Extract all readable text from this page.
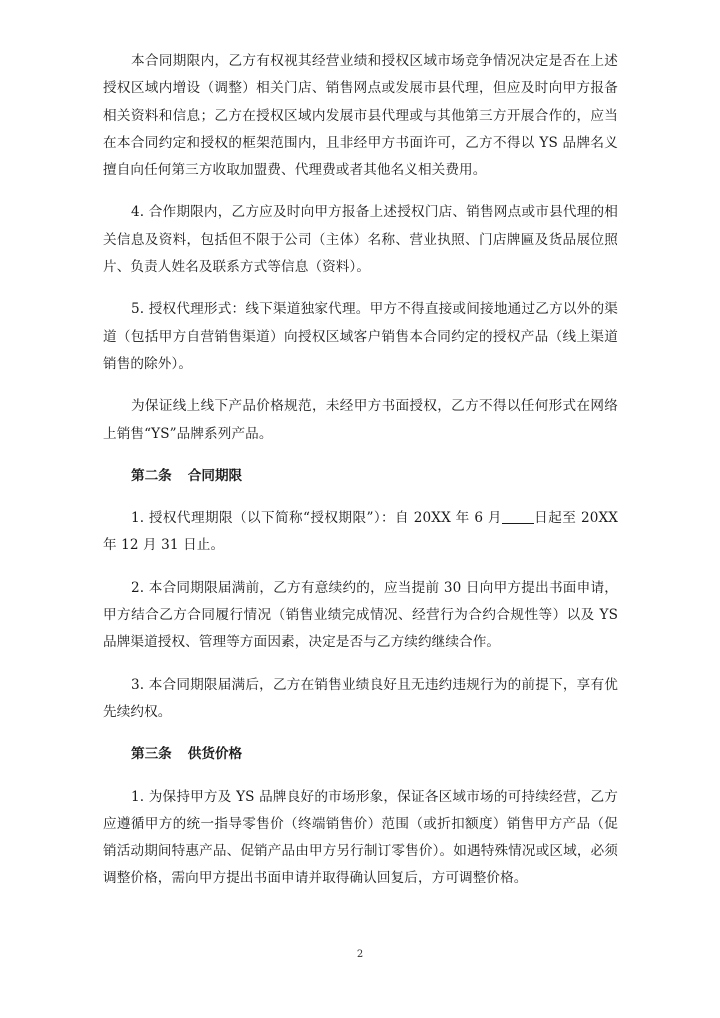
本合同期限内，乙方有权视其经营业绩和授权区域市场竞争情况决定是否在上述授权区域内增设（调整）相关门店、销售网点或发展市县代理，但应及时向甲方报备相关资料和信息；乙方在授权区域内发展市县代理或与其他第三方开展合作的，应当在本合同约定和授权的框架范围内，且非经甲方书面许可，乙方不得以 YS 品牌名义擅自向任何第三方收取加盟费、代理费或者其他名义相关费用。

4. 合作期限内，乙方应及时向甲方报备上述授权门店、销售网点或市县代理的相关信息及资料，包括但不限于公司（主体）名称、营业执照、门店牌匾及货品展位照片、负责人姓名及联系方式等信息（资料）。

5. 授权代理形式：线下渠道独家代理。甲方不得直接或间接地通过乙方以外的渠道（包括甲方自营销售渠道）向授权区域客户销售本合同约定的授权产品（线上渠道销售的除外）。

为保证线上线下产品价格规范，未经甲方书面授权，乙方不得以任何形式在网络上销售“YS”品牌系列产品。

第二条 合同期限

1. 授权代理期限（以下简称“授权期限”）：自 20XX 年 6 月 日起至 20XX 年 12 月 31 日止。

2. 本合同期限届满前，乙方有意续约的，应当提前 30 日向甲方提出书面申请，甲方结合乙方合同履行情况（销售业绩完成情况、经营行为合约合规性等）以及 YS 品牌渠道授权、管理等方面因素，决定是否与乙方续约继续合作。

3. 本合同期限届满后，乙方在销售业绩良好且无违约违规行为的前提下，享有优先续约权。

第三条 供货价格

1. 为保持甲方及 YS 品牌良好的市场形象，保证各区域市场的可持续经营，乙方应遵循甲方的统一指导零售价（终端销售价）范围（或折扣额度）销售甲方产品（促销活动期间特惠产品、促销产品由甲方另行制订零售价）。如遇特殊情况或区域，必须调整价格，需向甲方提出书面申请并取得确认回复后，方可调整价格。

2
